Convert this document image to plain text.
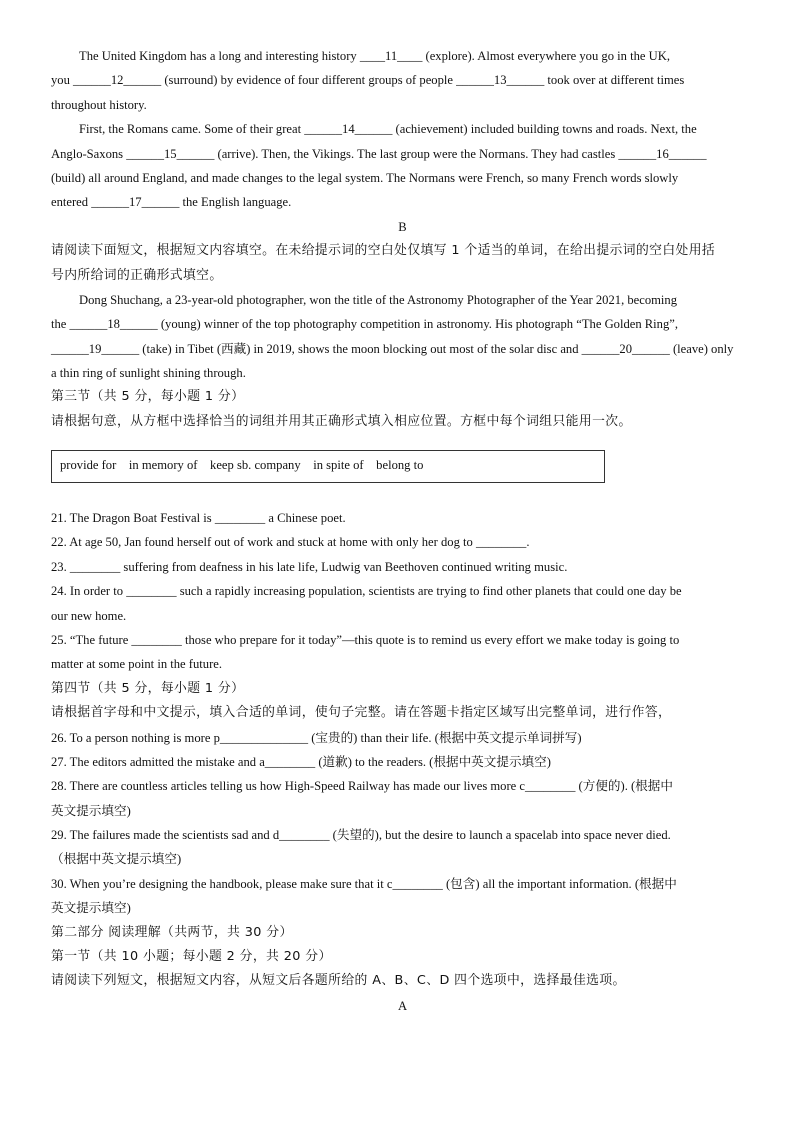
The United Kingdom has a long and interesting history ____11____ (explore). Almost everywhere you go in the UK,
you ______12______ (surround) by evidence of four different groups of people ______13______ took over at different times
throughout history.
First, the Romans came. Some of their great ______14______ (achievement) included building towns and roads. Next, the
Anglo-Saxons ______15______ (arrive). Then, the Vikings. The last group were the Normans. They had castles ______16______
(build) all around England, and made changes to the legal system. The Normans were French, so many French words slowly
entered ______17______ the English language.
B
请阅读下面短文，根据短文内容填空。在未给提示词的空白处仅填写 1 个适当的单词，在给出提示词的空白处用括
号内所给词的正确形式填空。
Dong Shuchang, a 23-year-old photographer, won the title of the Astronomy Photographer of the Year 2021, becoming
the ______18______ (young) winner of the top photography competition in astronomy. His photograph “The Golden Ring”,
______19______ (take) in Tibet (西藏) in 2019, shows the moon blocking out most of the solar disc and ______20______ (leave) only
a thin ring of sunlight shining through.
第三节（共 5 分，每小题 1 分）
请根据句意，从方框中选择恰当的词组并用其正确形式填入相应位置。方框中每个词组只能用一次。
provide for    in memory of    keep sb. company    in spite of    belong to
21. The Dragon Boat Festival is ________ a Chinese poet.
22. At age 50, Jan found herself out of work and stuck at home with only her dog to ________.
23. ________ suffering from deafness in his late life, Ludwig van Beethoven continued writing music.
24. In order to ________ such a rapidly increasing population, scientists are trying to find other planets that could one day be
our new home.
25. “The future ________ those who prepare for it today”—this quote is to remind us every effort we make today is going to
matter at some point in the future.
第四节（共 5 分，每小题 1 分）
请根据首字母和中文提示，填入合适的单词，使句子完整。请在答题卡指定区域写出完整单词，进行作答，
26. To a person nothing is more p______________ (宝贵的) than their life. (根据中英文提示单词拼写)
27. The editors admitted the mistake and a________ (道歉) to the readers. (根据中英文提示填空)
28. There are countless articles telling us how High-Speed Railway has made our lives more c________ (方便的). (根据中
英文提示填空)
29. The failures made the scientists sad and d________ (失望的), but the desire to launch a spacelab into space never died.
（根据中英文提示填空)
30. When you’re designing the handbook, please make sure that it c________ (包含) all the important information. (根据中
英文提示填空)
第二部分 阅读理解（共两节，共 30 分）
第一节（共 10 小题；每小题 2 分，共 20 分）
请阅读下列短文，根据短文内容，从短文后各题所给的 A、B、C、D 四个选项中，选择最佳选项。
A
